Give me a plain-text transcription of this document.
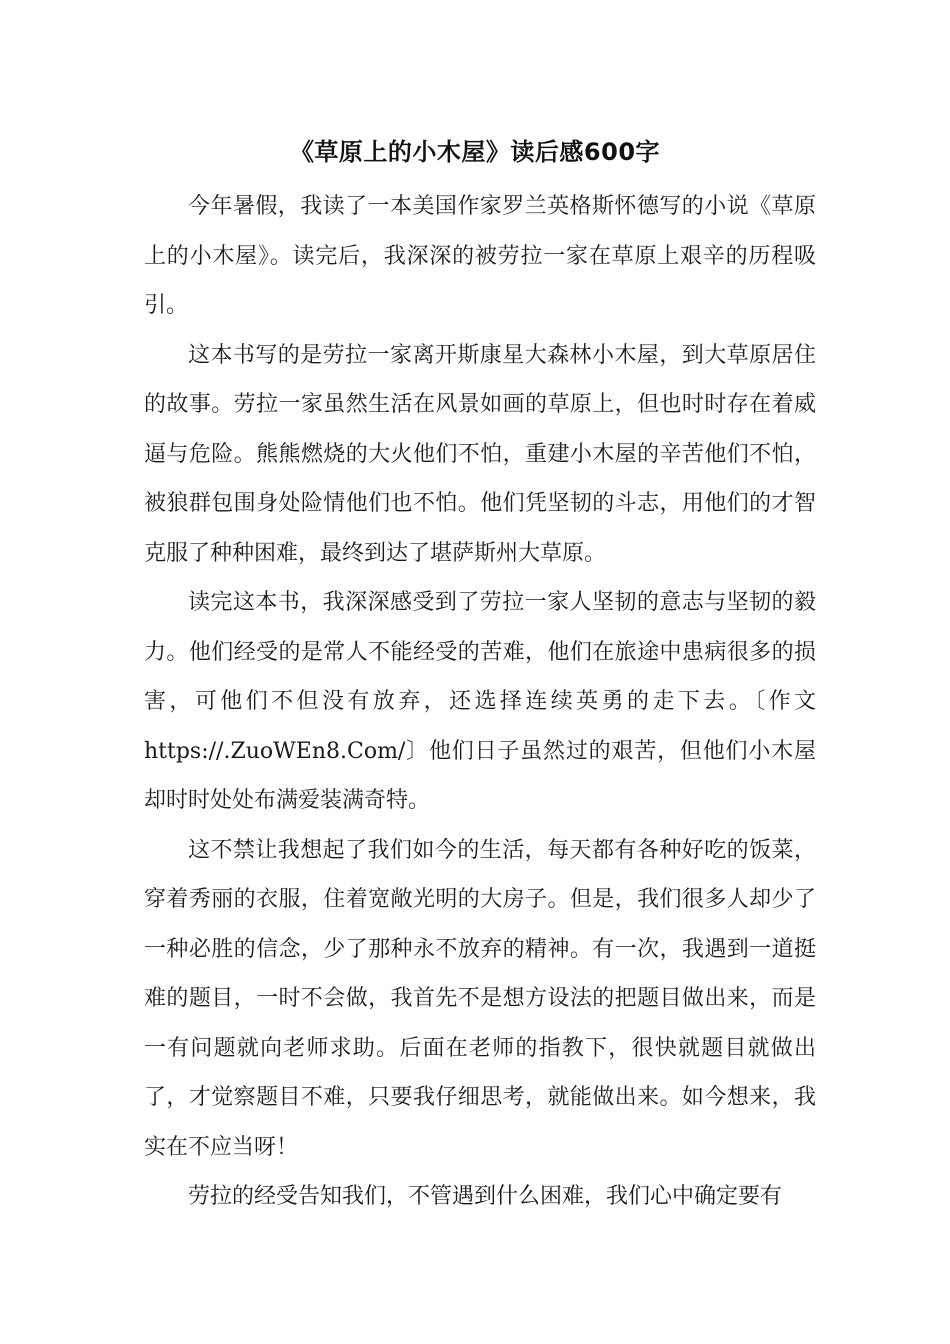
《草原上的小木屋》读后感600字

今年暑假，我读了一本美国作家罗兰英格斯怀德写的小说《草原上的小木屋》。读完后，我深深的被劳拉一家在草原上艰辛的历程吸引。

这本书写的是劳拉一家离开斯康星大森林小木屋，到大草原居住的故事。劳拉一家虽然生活在风景如画的草原上，但也时时存在着威逼与危险。熊熊燃烧的大火他们不怕，重建小木屋的辛苦他们不怕，被狼群包围身处险情他们也不怕。他们凭坚韧的斗志，用他们的才智克服了种种困难，最终到达了堪萨斯州大草原。

读完这本书，我深深感受到了劳拉一家人坚韧的意志与坚韧的毅力。他们经受的是常人不能经受的苦难，他们在旅途中患病很多的损害，可他们不但没有放弃，还选择连续英勇的走下去。〔作文https://.ZuoWEn8.Com/〕他们日子虽然过的艰苦，但他们小木屋却时时处处布满爱装满奇特。

这不禁让我想起了我们如今的生活，每天都有各种好吃的饭菜，穿着秀丽的衣服，住着宽敞光明的大房子。但是，我们很多人却少了一种必胜的信念，少了那种永不放弃的精神。有一次，我遇到一道挺难的题目，一时不会做，我首先不是想方设法的把题目做出来，而是一有问题就向老师求助。后面在老师的指教下，很快就题目就做出了，才觉察题目不难，只要我仔细思考，就能做出来。如今想来，我实在不应当呀！

劳拉的经受告知我们，不管遇到什么困难，我们心中确定要有
